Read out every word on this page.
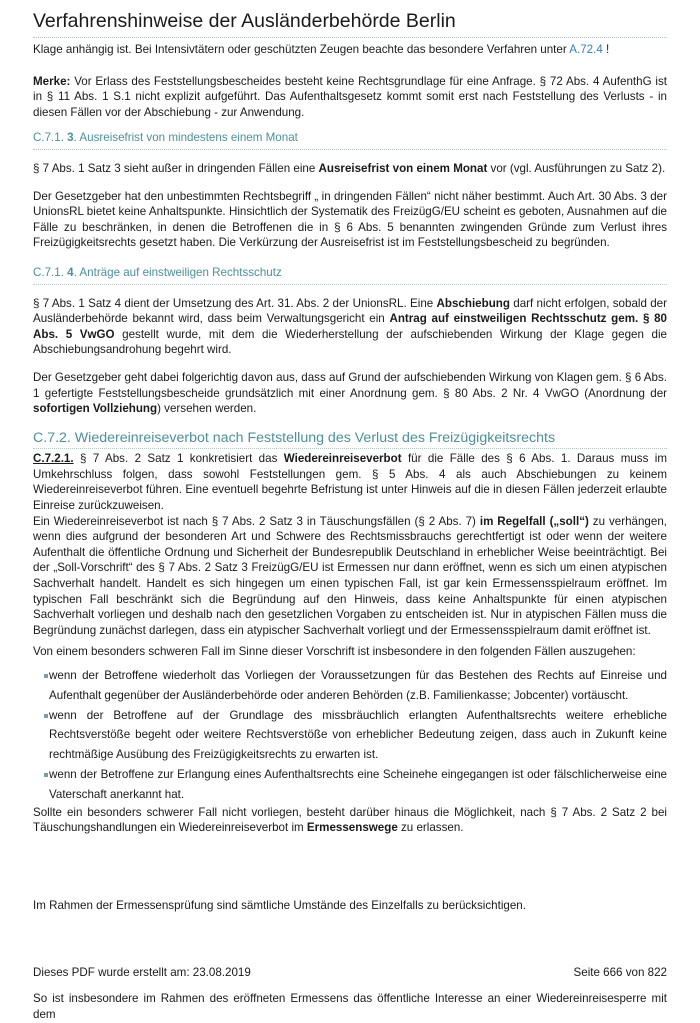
Verfahrenshinweise der Ausländerbehörde Berlin

Klage anhängig ist. Bei Intensivtätern oder geschützten Zeugen beachte das besondere Verfahren unter A.72.4 !

Merke: Vor Erlass des Feststellungsbescheides besteht keine Rechtsgrundlage für eine Anfrage. § 72 Abs. 4 AufenthG ist in § 11 Abs. 1 S.1 nicht explizit aufgeführt. Das Aufenthaltsgesetz kommt somit erst nach Feststellung des Verlusts - in diesen Fällen vor der Abschiebung - zur Anwendung.

C.7.1. 3. Ausreisefrist von mindestens einem Monat

§ 7 Abs. 1 Satz 3 sieht außer in dringenden Fällen eine Ausreisefrist von einem Monat vor (vgl. Ausführungen zu Satz 2).

Der Gesetzgeber hat den unbestimmten Rechtsbegriff „ in dringenden Fällen“ nicht näher bestimmt. Auch Art. 30 Abs. 3 der UnionsRL bietet keine Anhaltspunkte. Hinsichtlich der Systematik des FreizügG/EU scheint es geboten, Ausnahmen auf die Fälle zu beschränken, in denen die Betroffenen die in § 6 Abs. 5 benannten zwingenden Gründe zum Verlust ihres Freizügigkeitsrechts gesetzt haben. Die Verkürzung der Ausreisefrist ist im Feststellungsbescheid zu begründen.

C.7.1. 4. Anträge auf einstweiligen Rechtsschutz

§ 7 Abs. 1 Satz 4 dient der Umsetzung des Art. 31. Abs. 2 der UnionsRL. Eine Abschiebung darf nicht erfolgen, sobald der Ausländerbehörde bekannt wird, dass beim Verwaltungsgericht ein Antrag auf einstweiligen Rechtsschutz gem. § 80 Abs. 5 VwGO gestellt wurde, mit dem die Wiederherstellung der aufschiebenden Wirkung der Klage gegen die Abschiebungsandrohung begehrt wird.

Der Gesetzgeber geht dabei folgerichtig davon aus, dass auf Grund der aufschiebenden Wirkung von Klagen gem. § 6 Abs. 1 gefertigte Feststellungsbescheide grundsätzlich mit einer Anordnung gem. § 80 Abs. 2 Nr. 4 VwGO (Anordnung der sofortigen Vollziehung) versehen werden.

C.7.2. Wiedereinreiseverbot nach Feststellung des Verlust des Freizügigkeitsrechts

C.7.2.1. § 7 Abs. 2 Satz 1 konkretisiert das Wiedereinreiseverbot für die Fälle des § 6 Abs. 1. Daraus muss im Umkehrschluss folgen, dass sowohl Feststellungen gem. § 5 Abs. 4 als auch Abschiebungen zu keinem Wiedereinreiseverbot führen. Eine eventuell begehrte Befristung ist unter Hinweis auf die in diesen Fällen jederzeit erlaubte Einreise zurückzuweisen.

Ein Wiedereinreiseverbot ist nach § 7 Abs. 2 Satz 3 in Täuschungsfällen (§ 2 Abs. 7) im Regelfall („soll“) zu verhängen, wenn dies aufgrund der besonderen Art und Schwere des Rechtsmissbrauchs gerechtfertigt ist oder wenn der weitere Aufenthalt die öffentliche Ordnung und Sicherheit der Bundesrepublik Deutschland in erheblicher Weise beeinträchtigt. Bei der „Soll-Vorschrift“ des § 7 Abs. 2 Satz 3 FreizügG/EU ist Ermessen nur dann eröffnet, wenn es sich um einen atypischen Sachverhalt handelt. Handelt es sich hingegen um einen typischen Fall, ist gar kein Ermessensspielraum eröffnet. Im typischen Fall beschränkt sich die Begründung auf den Hinweis, dass keine Anhaltspunkte für einen atypischen Sachverhalt vorliegen und deshalb nach den gesetzlichen Vorgaben zu entscheiden ist. Nur in atypischen Fällen muss die Begründung zunächst darlegen, dass ein atypischer Sachverhalt vorliegt und der Ermessensspielraum damit eröffnet ist.

Von einem besonders schweren Fall im Sinne dieser Vorschrift ist insbesondere in den folgenden Fällen auszugehen:

wenn der Betroffene wiederholt das Vorliegen der Voraussetzungen für das Bestehen des Rechts auf Einreise und Aufenthalt gegenüber der Ausländerbehörde oder anderen Behörden (z.B. Familienkasse; Jobcenter) vortäuscht.
wenn der Betroffene auf der Grundlage des missbräuchlich erlangten Aufenthaltsrechts weitere erhebliche Rechtsverstöße begeht oder weitere Rechtsverstöße von erheblicher Bedeutung zeigen, dass auch in Zukunft keine rechtmäßige Ausübung des Freizügigkeitsrechts zu erwarten ist.
wenn der Betroffene zur Erlangung eines Aufenthaltsrechts eine Scheinehe eingegangen ist oder fälschlicherweise eine Vaterschaft anerkannt hat.

Sollte ein besonders schwerer Fall nicht vorliegen, besteht darüber hinaus die Möglichkeit, nach § 7 Abs. 2 Satz 2 bei Täuschungshandlungen ein Wiedereinreiseverbot im Ermessenswege zu erlassen.

Im Rahmen der Ermessensprüfung sind sämtliche Umstände des Einzelfalls zu berücksichtigen.

So ist insbesondere im Rahmen des eröffneten Ermessens das öffentliche Interesse an einer Wiedereinreisesperre mit dem

Dieses PDF wurde erstellt am: 23.08.2019	Seite 666 von 822
